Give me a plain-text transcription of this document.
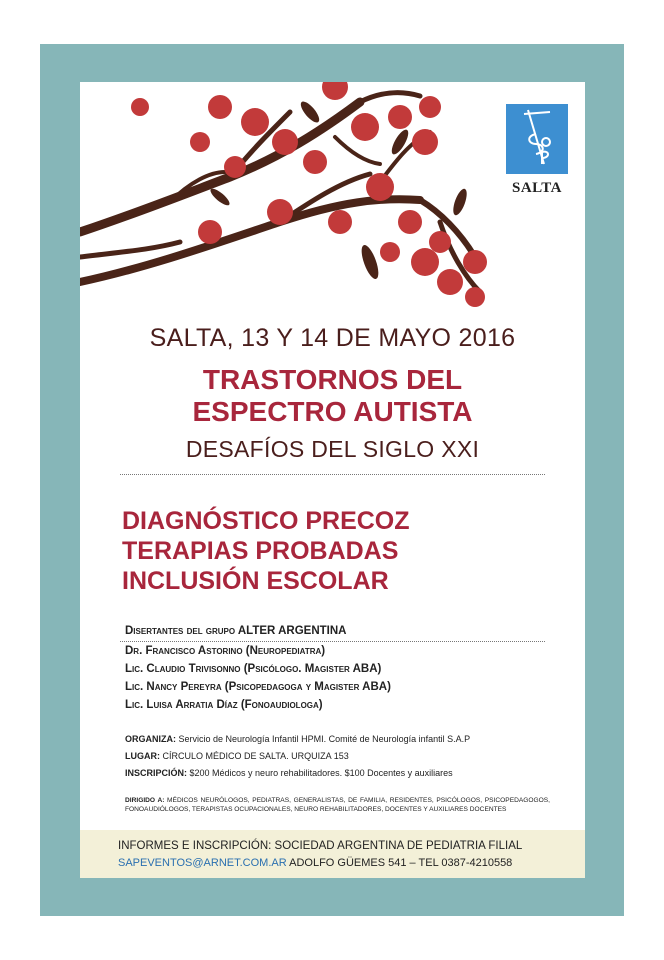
SALTA
SALTA, 13 Y 14 DE MAYO 2016
TRASTORNOS DEL
ESPECTRO AUTISTA
DESAFÍOS DEL SIGLO XXI
DIAGNÓSTICO PRECOZ
TERAPIAS PROBADAS
INCLUSIÓN ESCOLAR
Disertantes del grupo ALTER ARGENTINA
Dr. Francisco Astorino (Neuropediatra)
Lic. Claudio Trivisonno (Psicólogo. Magister ABA)
Lic. Nancy Pereyra (Psicopedagoga y Magister ABA)
Lic. Luisa Arratia Díaz (Fonoaudiologa)
ORGANIZA: Servicio de Neurología Infantil HPMI. Comité de Neurología infantil S.A.P
LUGAR: CÍRCULO MÉDICO DE SALTA. URQUIZA 153
INSCRIPCIÓN: $200 Médicos y neuro rehabilitadores. $100 Docentes y auxiliares
DIRIGIDO A: MÉDICOS NEURÓLOGOS, PEDIATRAS, GENERALISTAS, DE FAMILIA, RESIDENTES, PSICÓLOGOS, PSICOPEDAGOGOS, FONOAUDIÓLOGOS, TERAPISTAS OCUPACIONALES, NEURO REHABILITADORES, DOCENTES Y AUXILIARES DOCENTES
INFORMES E INSCRIPCIÓN: SOCIEDAD ARGENTINA DE PEDIATRIA FILIAL
SAPEVENTOS@ARNET.COM.AR ADOLFO GÜEMES 541 – TEL 0387-4210558
